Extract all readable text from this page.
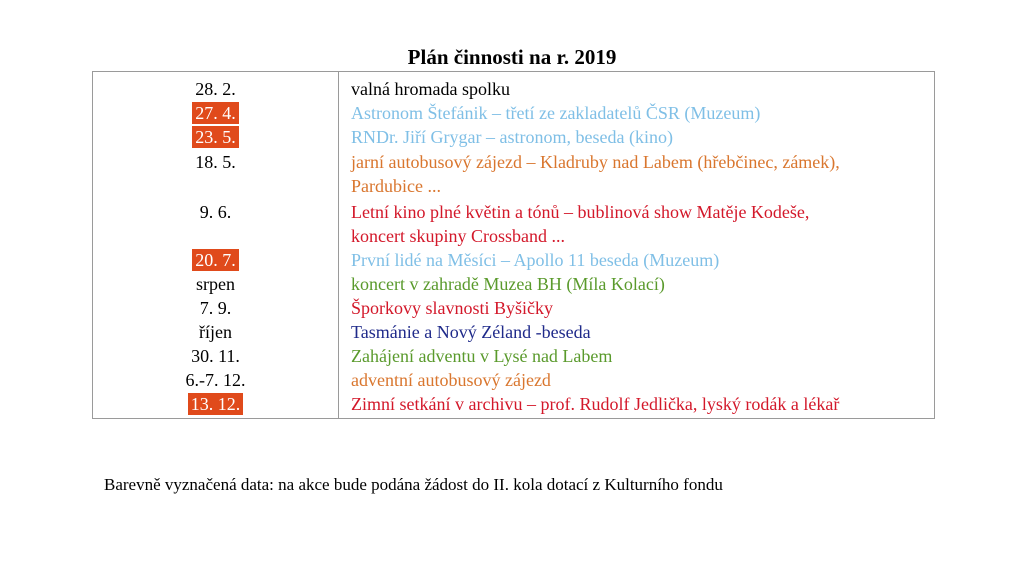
Plán činnosti na r. 2019
28. 2.	valná hromada spolku
27. 4.	Astronom Štefánik – třetí ze zakladatelů ČSR (Muzeum)
23. 5.	RNDr. Jiří Grygar – astronom, beseda (kino)
18. 5.	jarní autobusový zájezd – Kladruby nad Labem (hřebčinec, zámek),
Pardubice ...
9. 6.	Letní kino plné květin a tónů – bublinová show Matěje Kodeše,
koncert skupiny Crossband ...
20. 7.	První lidé na Měsíci – Apollo 11 beseda (Muzeum)
srpen	koncert v zahradě Muzea BH (Míla Kolací)
7. 9.	Šporkovy slavnosti Byšičky
říjen	Tasmánie a Nový Zéland -beseda
30. 11.	Zahájení adventu v Lysé nad Labem
6.-7. 12.	adventní autobusový zájezd
13. 12.	Zimní setkání v archivu – prof. Rudolf Jedlička, lyský rodák a lékař
Barevně vyznačená data: na akce bude podána žádost do II. kola dotací z Kulturního fondu
